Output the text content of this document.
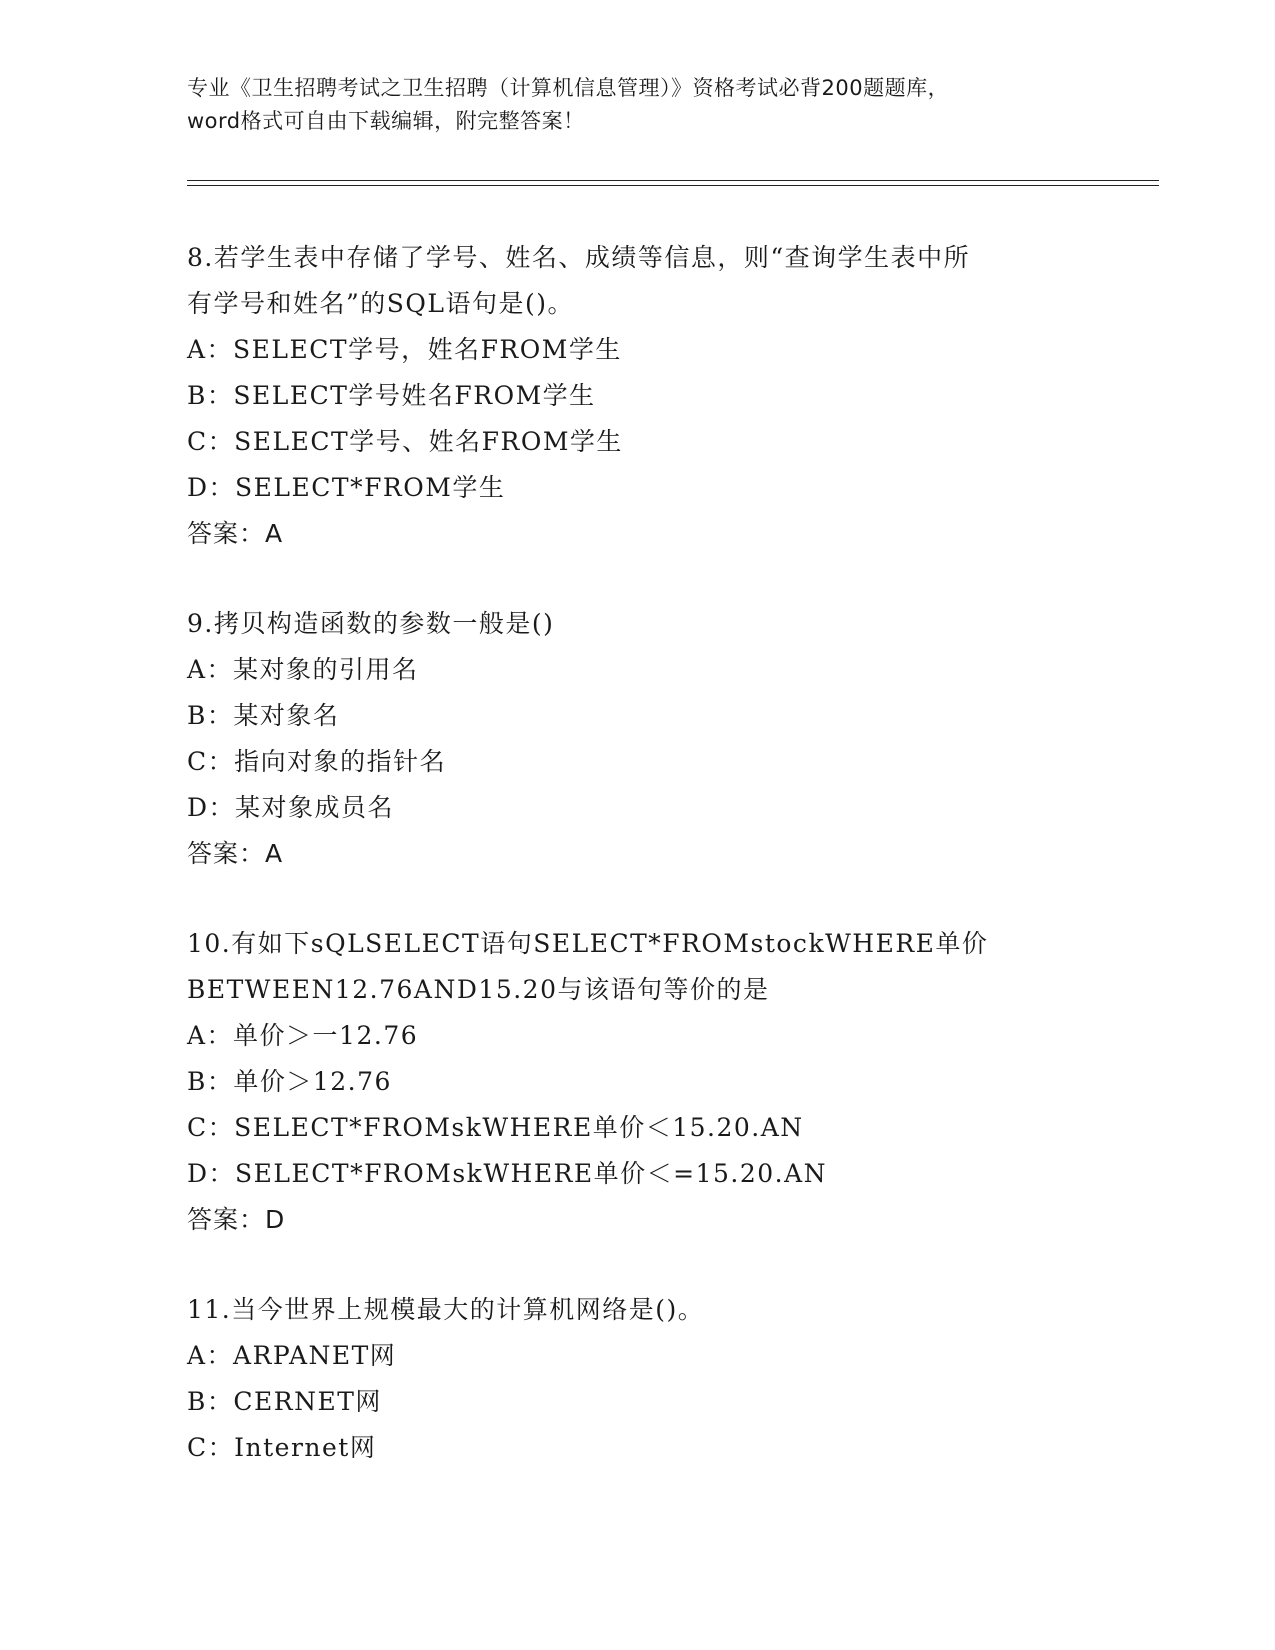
专业《卫生招聘考试之卫生招聘（计算机信息管理）》资格考试必背200题题库，
word格式可自由下载编辑，附完整答案！
8.若学生表中存储了学号、姓名、成绩等信息，则“查询学生表中所
有学号和姓名”的SQL语句是()。
A：SELECT学号，姓名FROM学生
B：SELECT学号姓名FROM学生
C：SELECT学号、姓名FROM学生
D：SELECT*FROM学生
答案：A
9.拷贝构造函数的参数一般是()
A：某对象的引用名
B：某对象名
C：指向对象的指针名
D：某对象成员名
答案：A
10.有如下sQLSELECT语句SELECT*FROMstockWHERE单价
BETWEEN12.76AND15.20与该语句等价的是
A：单价＞一12.76
B：单价＞12.76
C：SELECT*FROMskWHERE单价＜15.20.AN
D：SELECT*FROMskWHERE单价＜=15.20.AN
答案：D
11.当今世界上规模最大的计算机网络是()。
A：ARPANET网
B：CERNET网
C：Internet网
